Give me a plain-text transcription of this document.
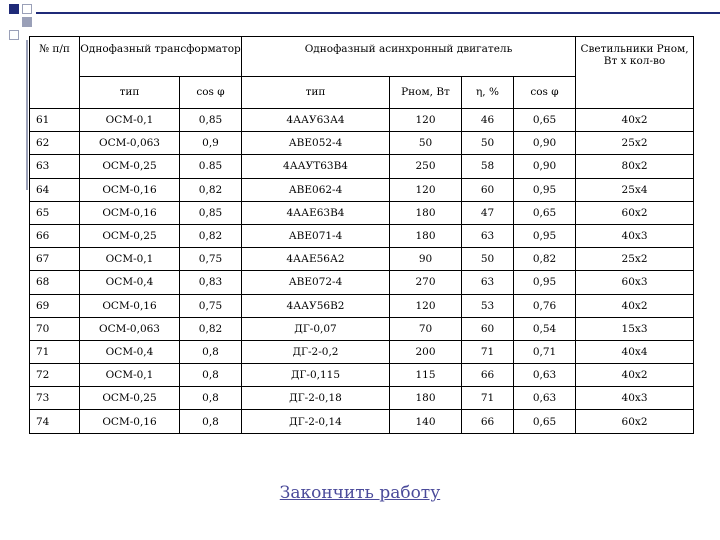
№ п/п	Однофазный трансформатор		Однофазный асинхронный двигатель				Светильники Pном, Вт х кол-во
	тип	cos φ	тип	Pном, Вт	η, %	cos φ	
61	ОСМ-0,1	0,85	4ААУ63А4	120	46	0,65	40х2
62	ОСМ-0,063	0,9	АВЕ052-4	50	50	0,90	25х2
63	ОСМ-0,25	0.85	4ААУТ63В4	250	58	0,90	80х2
64	ОСМ-0,16	0,82	АВЕ062-4	120	60	0,95	25х4
65	ОСМ-0,16	0,85	4ААЕ63В4	180	47	0,65	60х2
66	ОСМ-0,25	0,82	АВЕ071-4	180	63	0,95	40х3
67	ОСМ-0,1	0,75	4ААЕ56А2	90	50	0,82	25х2
68	ОСМ-0,4	0,83	АВЕ072-4	270	63	0,95	60х3
69	ОСМ-0,16	0,75	4ААУ56В2	120	53	0,76	40х2
70	ОСМ-0,063	0,82	ДГ-0,07	70	60	0,54	15х3
71	ОСМ-0,4	0,8	ДГ-2-0,2	200	71	0,71	40х4
72	ОСМ-0,1	0,8	ДГ-0,115	115	66	0,63	40х2
73	ОСМ-0,25	0,8	ДГ-2-0,18	180	71	0,63	40х3
74	ОСМ-0,16	0,8	ДГ-2-0,14	140	66	0,65	60х2
Закончить работу
